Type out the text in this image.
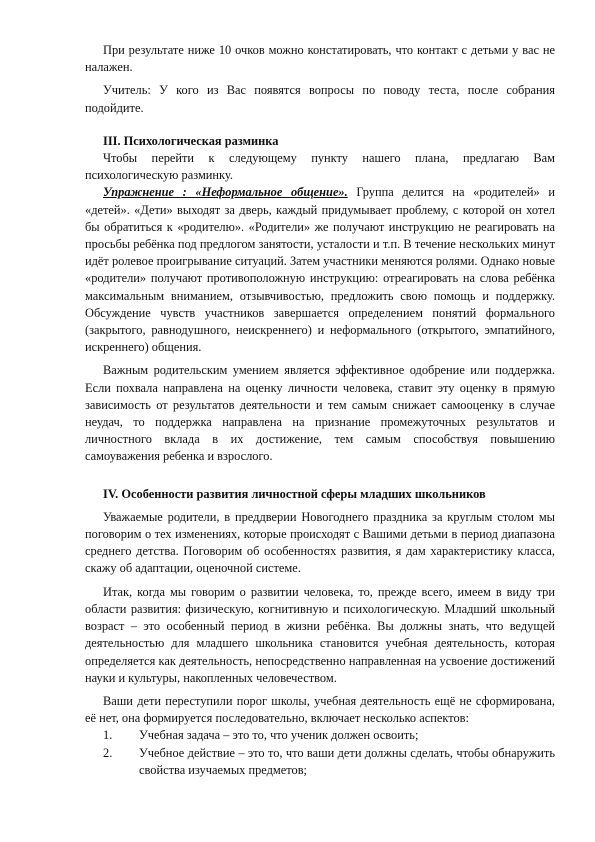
При результате ниже 10 очков можно констатировать, что контакт с детьми у вас не налажен.

Учитель: У кого из Вас появятся вопросы по поводу теста, после собрания подойдите.

III. Психологическая разминка

Чтобы перейти к следующему пункту нашего плана, предлагаю Вам психологическую разминку.

Упражнение : «Неформальное общение». Группа делится на «родителей» и «детей». «Дети» выходят за дверь, каждый придумывает проблему, с которой он хотел бы обратиться к «родителю». «Родители» же получают инструкцию не реагировать на просьбы ребёнка под предлогом занятости, усталости и т.п. В течение нескольких минут идёт ролевое проигрывание ситуаций. Затем участники меняются ролями. Однако новые «родители» получают противоположную инструкцию: отреагировать на слова ребёнка максимальным вниманием, отзывчивостью, предложить свою помощь и поддержку. Обсуждение чувств участников завершается определением понятий формального (закрытого, равнодушного, неискреннего) и неформального (открытого, эмпатийного, искреннего) общения.

Важным родительским умением является эффективное одобрение или поддержка. Если похвала направлена на оценку личности человека, ставит эту оценку в прямую зависимость от результатов деятельности и тем самым снижает самооценку в случае неудач, то поддержка направлена на признание промежуточных результатов и личностного вклада в их достижение, тем самым способствуя повышению самоуважения ребенка и взрослого.

IV. Особенности развития личностной сферы младших школьников

Уважаемые родители, в преддверии Новогоднего праздника за круглым столом мы поговорим о тех изменениях, которые происходят с Вашими детьми в период диапазона среднего детства. Поговорим об особенностях развития, я дам характеристику класса, скажу об адаптации, оценочной системе.

Итак, когда мы говорим о развитии человека, то, прежде всего, имеем в виду три области развития: физическую, когнитивную и психологическую. Младший школьный возраст – это особенный период в жизни ребёнка. Вы должны знать, что ведущей деятельностью для младшего школьника становится учебная деятельность, которая определяется как деятельность, непосредственно направленная на усвоение достижений науки и культуры, накопленных человечеством.

Ваши дети переступили порог школы, учебная деятельность ещё не сформирована, её нет, она формируется последовательно, включает несколько аспектов:

1.	Учебная задача – это то, что ученик должен освоить;
2.	Учебное действие – это то, что ваши дети должны сделать, чтобы обнаружить свойства изучаемых предметов;
